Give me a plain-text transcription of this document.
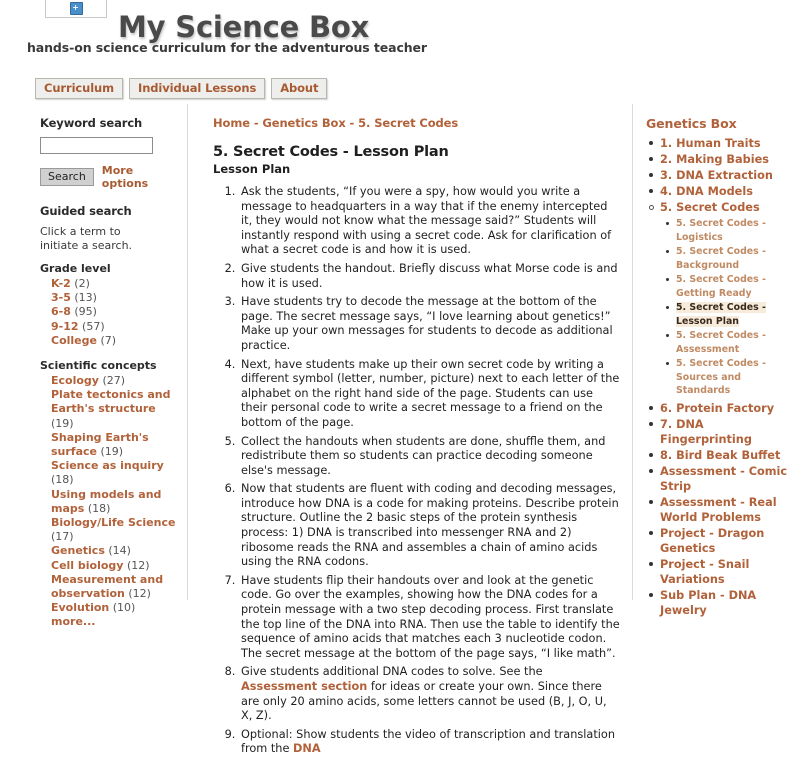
My Science Box
hands-on science curriculum for the adventurous teacher
Curriculum	Individual Lessons	About
Keyword search
Search	More options
Guided search
Click a term to initiate a search.
Grade level
K-2 (2)
3-5 (13)
6-8 (95)
9-12 (57)
College (7)
Scientific concepts
Ecology (27)
Plate tectonics and Earth's structure (19)
Shaping Earth's surface (19)
Science as inquiry (18)
Using models and maps (18)
Biology/Life Science (17)
Genetics (14)
Cell biology (12)
Measurement and observation (12)
Evolution (10)
more...
Home - Genetics Box - 5. Secret Codes
5. Secret Codes - Lesson Plan
Lesson Plan
1. Ask the students, “If you were a spy, how would you write a message to headquarters in a way that if the enemy intercepted it, they would not know what the message said?” Students will instantly respond with using a secret code. Ask for clarification of what a secret code is and how it is used.
2. Give students the handout. Briefly discuss what Morse code is and how it is used.
3. Have students try to decode the message at the bottom of the page. The secret message says, “I love learning about genetics!” Make up your own messages for students to decode as additional practice.
4. Next, have students make up their own secret code by writing a different symbol (letter, number, picture) next to each letter of the alphabet on the right hand side of the page. Students can use their personal code to write a secret message to a friend on the bottom of the page.
5. Collect the handouts when students are done, shuffle them, and redistribute them so students can practice decoding someone else's message.
6. Now that students are fluent with coding and decoding messages, introduce how DNA is a code for making proteins. Describe protein structure. Outline the 2 basic steps of the protein synthesis process: 1) DNA is transcribed into messenger RNA and 2) ribosome reads the RNA and assembles a chain of amino acids using the RNA codons.
7. Have students flip their handouts over and look at the genetic code. Go over the examples, showing how the DNA codes for a protein message with a two step decoding process. First translate the top line of the DNA into RNA. Then use the table to identify the sequence of amino acids that matches each 3 nucleotide codon. The secret message at the bottom of the page says, “I like math”.
8. Give students additional DNA codes to solve. See the Assessment section for ideas or create your own. Since there are only 20 amino acids, some letters cannot be used (B, J, O, U, X, Z).
9. Optional: Show students the video of transcription and translation from the DNA
Genetics Box
1. Human Traits
2. Making Babies
3. DNA Extraction
4. DNA Models
5. Secret Codes
5. Secret Codes - Logistics
5. Secret Codes - Background
5. Secret Codes - Getting Ready
5. Secret Codes - Lesson Plan
5. Secret Codes - Assessment
5. Secret Codes - Sources and Standards
6. Protein Factory
7. DNA Fingerprinting
8. Bird Beak Buffet
Assessment - Comic Strip
Assessment - Real World Problems
Project - Dragon Genetics
Project - Snail Variations
Sub Plan - DNA Jewelry
